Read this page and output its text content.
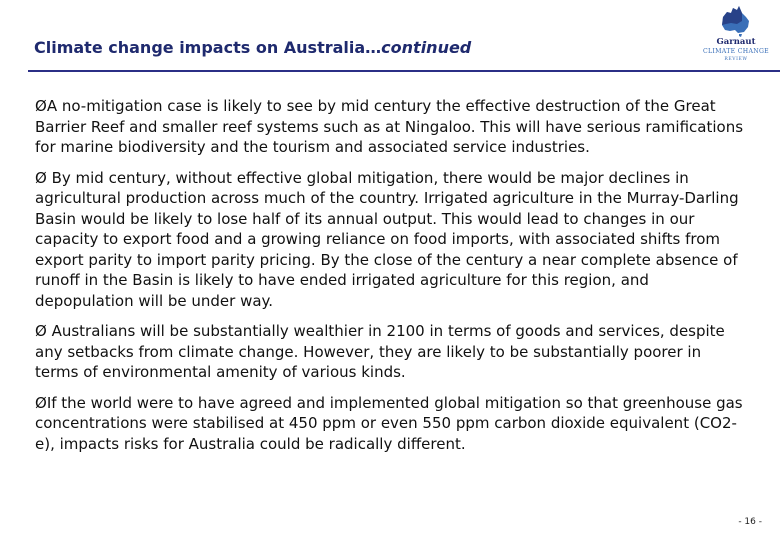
Climate change impacts on Australia…continued	Garnaut
CLIMATE CHANGE
REVIEW

ØA no-mitigation case is likely to see by mid century the effective destruction of the Great Barrier Reef and smaller reef systems such as at Ningaloo. This will have serious ramifications for marine biodiversity and the tourism and associated service industries.

Ø By mid century, without effective global mitigation, there would be major declines in agricultural production across much of the country. Irrigated agriculture in the Murray-Darling Basin would be likely to lose half of its annual output. This would lead to changes in our capacity to export food and a growing reliance on food imports, with associated shifts from export parity to import parity pricing. By the close of the century a near complete absence of runoff in the Basin is likely to have ended irrigated agriculture for this region, and depopulation will be under way.

Ø Australians will be substantially wealthier in 2100 in terms of goods and services, despite any setbacks from climate change. However, they are likely to be substantially poorer in terms of environmental amenity of various kinds.

ØIf the world were to have agreed and implemented global mitigation so that greenhouse gas concentrations were stabilised at 450 ppm or even 550 ppm carbon dioxide equivalent (CO2-e), impacts risks for Australia could be radically different.

- 16 -
